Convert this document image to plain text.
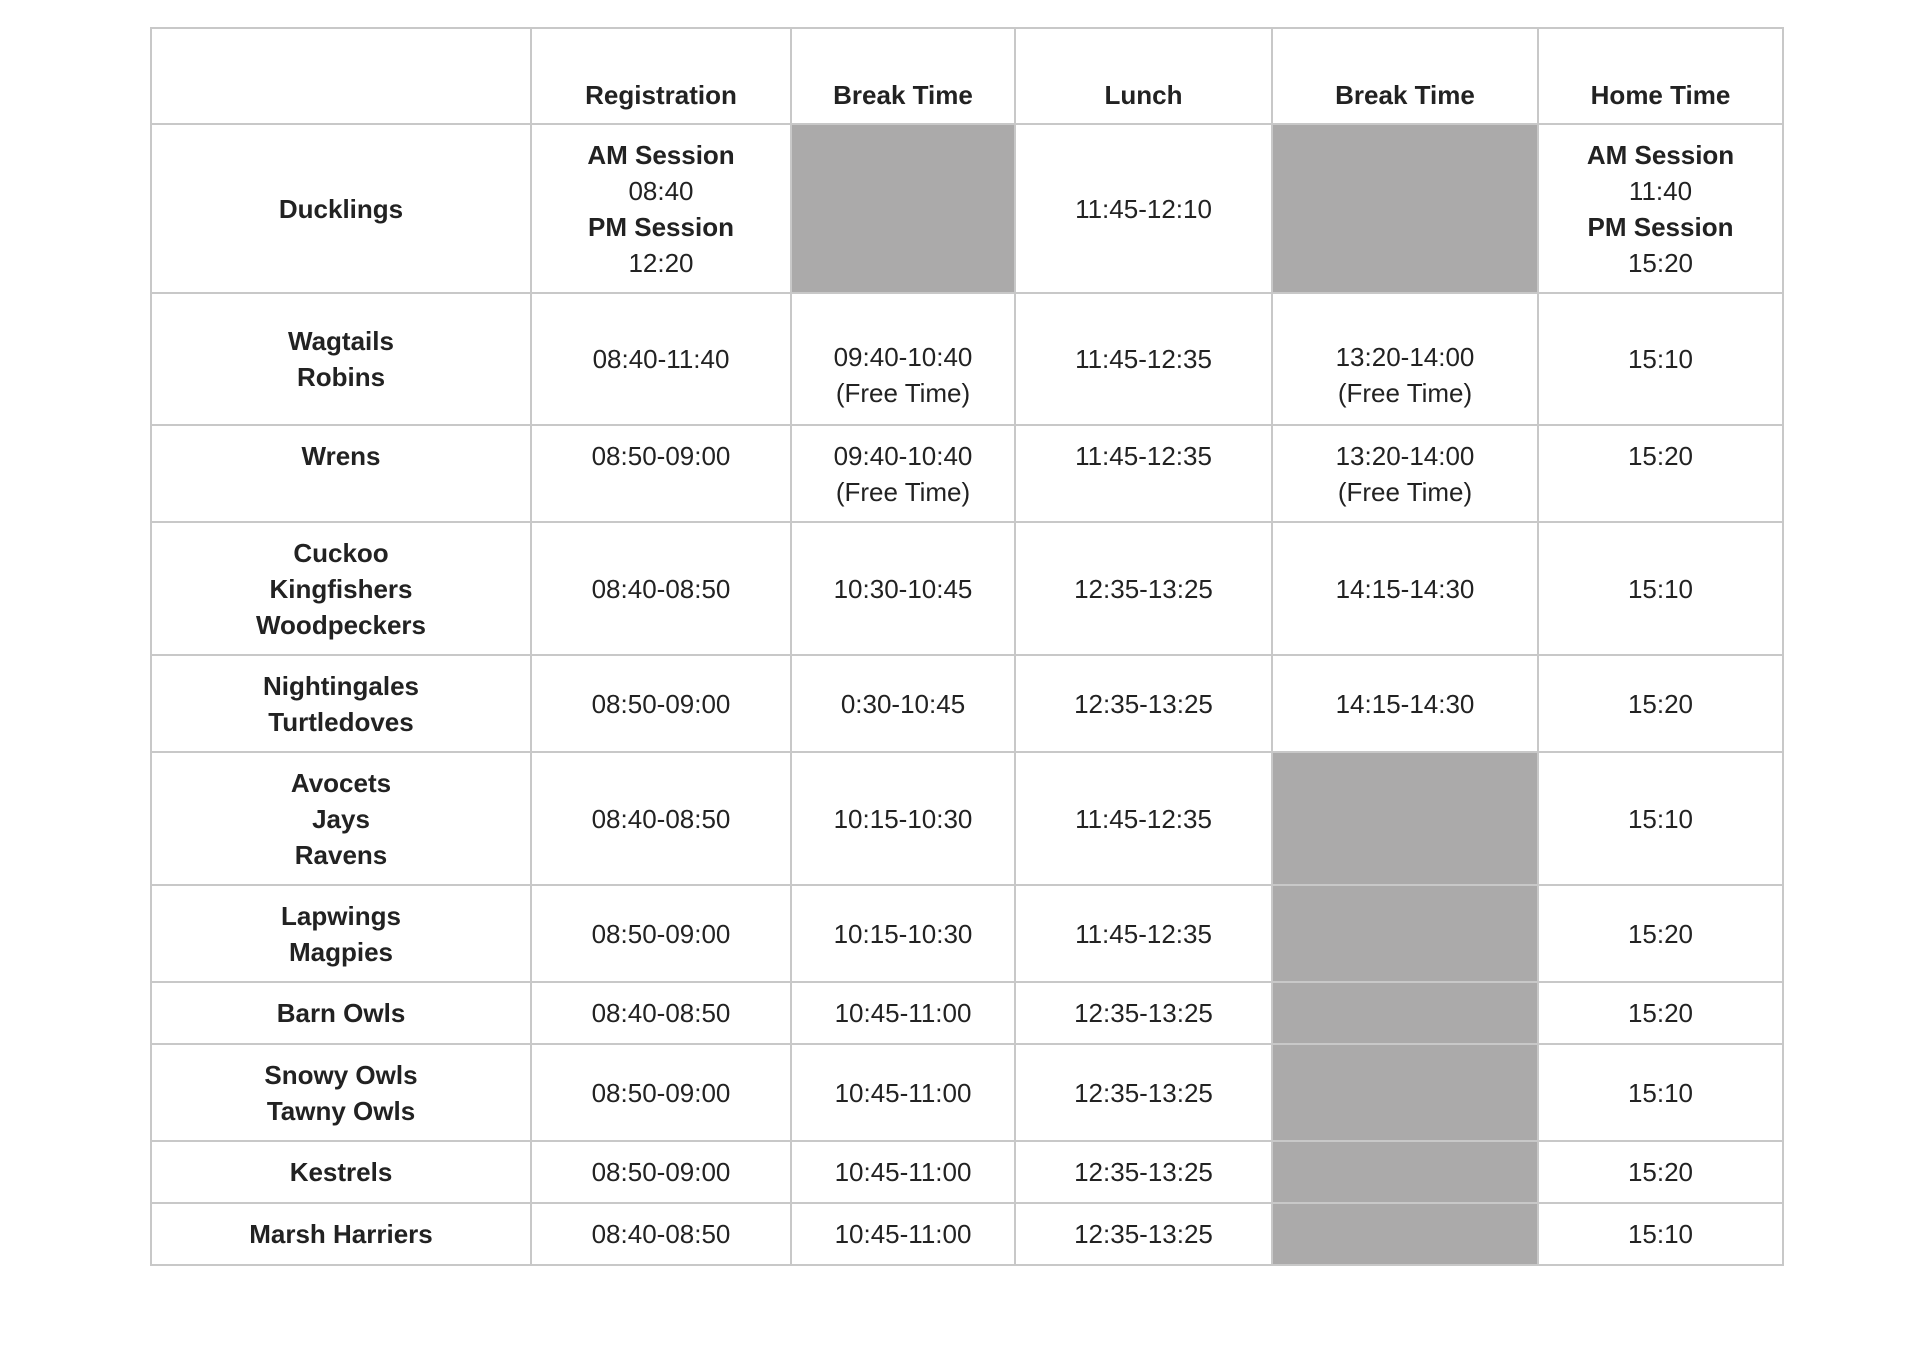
	Registration	Break Time	Lunch	Break Time	Home Time
Ducklings	AM Session
08:40
PM Session
12:20		11:45-12:10		AM Session
11:40
PM Session
15:20

Wagtails
Robins	08:40-11:40	09:40-10:40
(Free Time)	11:45-12:35	13:20-14:00
(Free Time)	15:10

Wrens	08:50-09:00	09:40-10:40
(Free Time)	11:45-12:35	13:20-14:00
(Free Time)	15:20

Cuckoo
Kingfishers
Woodpeckers	08:40-08:50	10:30-10:45	12:35-13:25	14:15-14:30	15:10

Nightingales
Turtledoves	08:50-09:00	0:30-10:45	12:35-13:25	14:15-14:30	15:20

Avocets
Jays
Ravens	08:40-08:50	10:15-10:30	11:45-12:35		15:10

Lapwings
Magpies	08:50-09:00	10:15-10:30	11:45-12:35		15:20

Barn Owls	08:40-08:50	10:45-11:00	12:35-13:25		15:20

Snowy Owls
Tawny Owls	08:50-09:00	10:45-11:00	12:35-13:25		15:10

Kestrels	08:50-09:00	10:45-11:00	12:35-13:25		15:20

Marsh Harriers	08:40-08:50	10:45-11:00	12:35-13:25		15:10
